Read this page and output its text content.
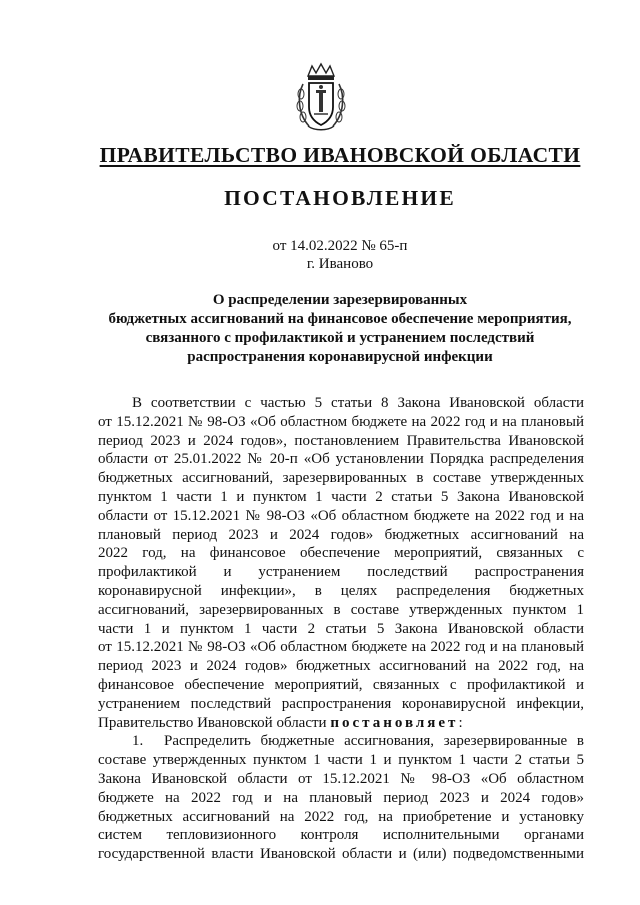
ПРАВИТЕЛЬСТВО ИВАНОВСКОЙ ОБЛАСТИ
ПОСТАНОВЛЕНИЕ
от 14.02.2022 № 65-п
г. Иваново
О распределении зарезервированных
бюджетных ассигнований на финансовое обеспечение мероприятия,
связанного с профилактикой и устранением последствий
распространения коронавирусной инфекции
В соответствии с частью 5 статьи 8 Закона Ивановской области
от 15.12.2021 № 98-ОЗ «Об областном бюджете на 2022 год и на плановый
период 2023 и 2024 годов», постановлением Правительства Ивановской
области от 25.01.2022 № 20-п «Об установлении Порядка распределения
бюджетных ассигнований, зарезервированных в составе утвержденных
пунктом 1 части 1 и пунктом 1 части 2 статьи 5 Закона Ивановской
области от 15.12.2021 № 98-ОЗ «Об областном бюджете на 2022 год и на
плановый период 2023 и 2024 годов» бюджетных ассигнований на
2022 год, на финансовое обеспечение мероприятий, связанных с
профилактикой и устранением последствий распространения
коронавирусной инфекции», в целях распределения бюджетных
ассигнований, зарезервированных в составе утвержденных пунктом 1
части 1 и пунктом 1 части 2 статьи 5 Закона Ивановской области
от 15.12.2021 № 98-ОЗ «Об областном бюджете на 2022 год и на плановый
период 2023 и 2024 годов» бюджетных ассигнований на 2022 год, на
финансовое обеспечение мероприятий, связанных с профилактикой и
устранением последствий распространения коронавирусной инфекции,
Правительство Ивановской области постановляет:
1. Распределить бюджетные ассигнования, зарезервированные в
составе утвержденных пунктом 1 части 1 и пунктом 1 части 2 статьи 5
Закона Ивановской области от 15.12.2021 № 98-ОЗ «Об областном
бюджете на 2022 год и на плановый период 2023 и 2024 годов»
бюджетных ассигнований на 2022 год, на приобретение и установку
систем тепловизионного контроля исполнительными органами
государственной власти Ивановской области и (или) подведомственными
